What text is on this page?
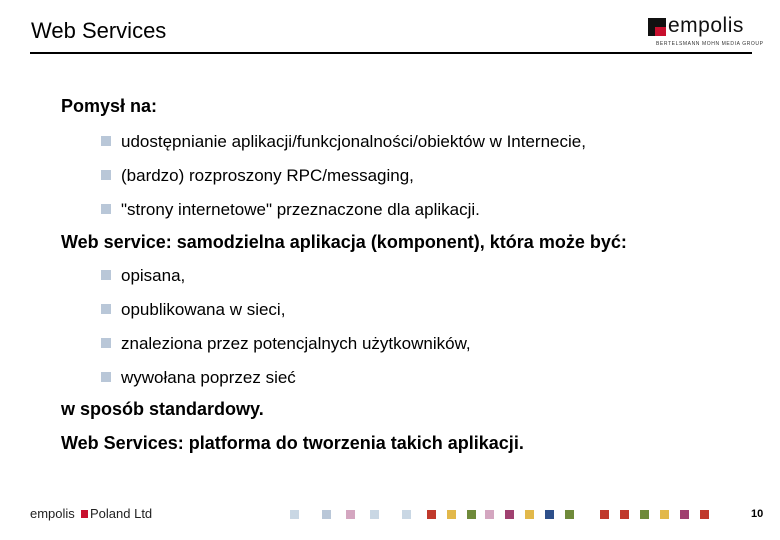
Web Services	empolis
BERTELSMANN MOHN MEDIA GROUP
Pomysł na:
udostępnianie aplikacji/funkcjonalności/obiektów w Internecie,
(bardzo) rozproszony RPC/messaging,
"strony internetowe" przeznaczone dla aplikacji.
Web service: samodzielna aplikacja (komponent), która może być:
opisana,
opublikowana w sieci,
znaleziona przez potencjalnych użytkowników,
wywołana poprzez sieć
w sposób standardowy.
Web Services: platforma do tworzenia takich aplikacji.
empolis Poland Ltd	10
